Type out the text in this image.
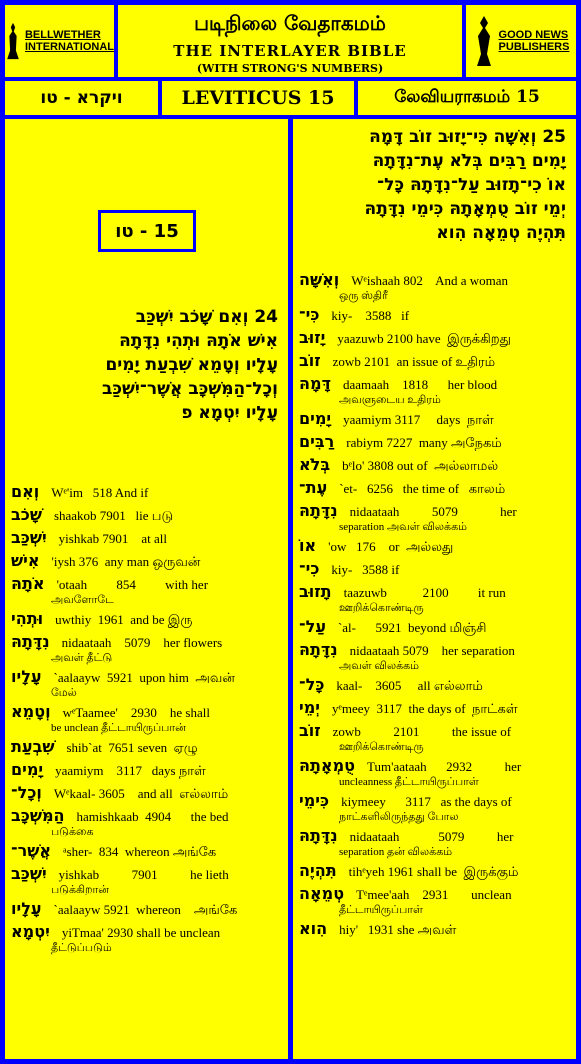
BELLWETHER
INTERNATIONAL
படிநிலை வேதாகமம்
THE INTERLAYER BIBLE
(WITH STRONG'S NUMBERS)
GOOD NEWS
PUBLISHERS
ויקרא - טו	LEVITICUS 15	லேவியராகமம் 15
15 - טו
24 וְאִם שָׁכֹב יִשְׁכַּב
אִישׁ אֹתָהּ וּתְהִי נִדָּתָהּ
עָלָיו וְטָמֵא שִׁבְעַת יָמִים
וְכָל־הַמִּשְׁכָּב אֲשֶׁר־יִשְׁכַּב
עָלָיו יִטְמָא פ
וְאִם Wᵉ'im   518 And if
שָׁכֹב shaakob 7901   lie படு
יִשְׁכַּב yishkab 7901    at all
אִישׁ 'iysh 376  any man ஒருவன்
אֹתָהּ 'otaah         854         with her
அவளோடே
וּתְהִי uwthiy  1961  and be இரு
נִדָּתָהּ nidaataah    5079    her flowers
அவள் தீட்டு
עָלָיו `aalaayw  5921  upon him  அவன்
மேல்
וְטָמֵא wᵉTaamee'    2930    he shall
be unclean தீட்டாயிருப்பான்
שִׁבְעַת shib`at  7651 seven  ஏழு
יָמִים yaamiym    3117   days நாள்
וְכָל־ Wᵉkaal- 3605    and all  எல்லாம்
הַמִּשְׁכָּב hamishkaab  4904      the bed
படுக்கை
אֲשֶׁר־ ᵃsher-  834  whereon அங்கே
יִשְׁכַּב yishkab          7901          he lieth
படுக்கிறான்
עָלָיו `aalaayw 5921  whereon    அங்கே
יִטְמָא yiTmaa' 2930 shall be unclean
தீட்டுப்படும்
25 וְאִשָּׁה כִּי־יָזוּב זוֹב דָּמָהּ
יָמִים רַבִּים בְּלֹא עֶת־נִדָּתָהּ
אוֹ כִי־תָזוּב עַל־נִדָּתָהּ כָּל־
יְמֵי זוֹב טֻמְאָתָהּ כִּימֵי נִדָּתָהּ
תִּהְיֶה טְמֵאָה הִוא
וְאִשָּׁה Wᵉishaah 802    And a woman
ஒரு ஸ்திரீ
כִּי־ kiy-    3588   if
יָזוּב yaazuwb 2100 have  இருக்கிறது
זוֹב zowb 2101  an issue of உதிரம்
דָּמָהּ daamaah    1818      her blood
அவளுடைய உதிரம்
יָמִים yaamiym 3117     days  நாள்
רַבִּים rabiym 7227  many அநேகம்
בְּלֹא bᵉlo' 3808 out of  அல்லாமல்
עֶת־ `et-   6256   the time of   காலம்
נִדָּתָהּ nidaataah          5079             her
separation அவள் விலக்கம்
אוֹ 'ow   176    or  அல்லது
כִי־ kiy-   3588 if
תָזוּב taazuwb           2100         it run
ஊறிக்கொண்டிரு
עַל־ `al-      5921  beyond மிஞ்சி
נִדָּתָהּ nidaataah 5079    her separation
அவள் விலக்கம்
כָּל־ kaal-    3605     all எல்லாம்
יְמֵי yᵉmeey  3117  the days of  நாட்கள்
זוֹב zowb          2101          the issue of
ஊறிக்கொண்டிரு
טֻמְאָתָהּ Tum'aataah      2932          her
uncleanness தீட்டாயிருப்பாள்
כִּימֵי kiymeey      3117   as the days of
நாட்களிலிருந்தது போல
נִדָּתָהּ nidaataah            5079          her
separation தன் விலக்கம்
תִּהְיֶה tihᵉyeh 1961 shall be  இருக்கும்
טְמֵאָה Tᵉmee'aah    2931       unclean
தீட்டாயிருப்பாள்
הִוא hiy'   1931 she அவள்
